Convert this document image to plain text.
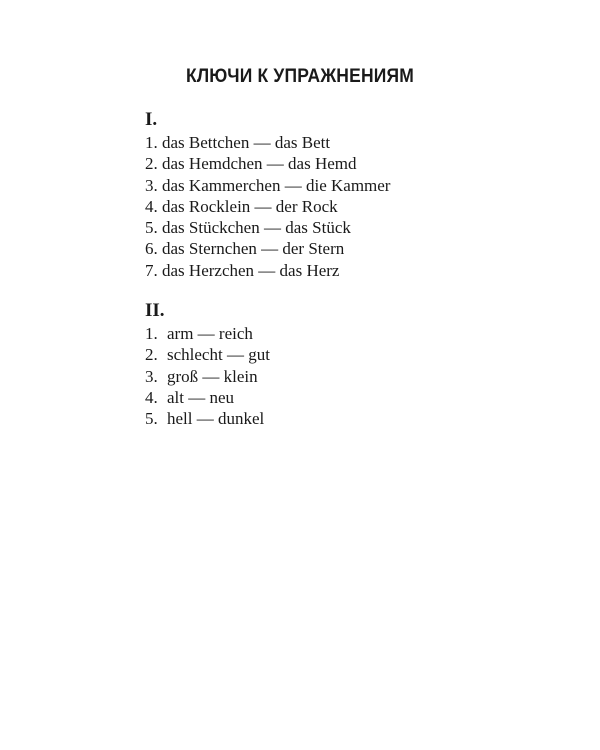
КЛЮЧИ К УПРАЖНЕНИЯМ
I.
1. das Bettchen — das Bett
2. das Hemdchen — das Hemd
3. das Kammerchen — die Kammer
4. das Rocklein — der Rock
5. das Stückchen — das Stück
6. das Sternchen — der Stern
7. das Herzchen — das Herz
II.
1. arm — reich
2. schlecht — gut
3. groß — klein
4. alt — neu
5. hell — dunkel
